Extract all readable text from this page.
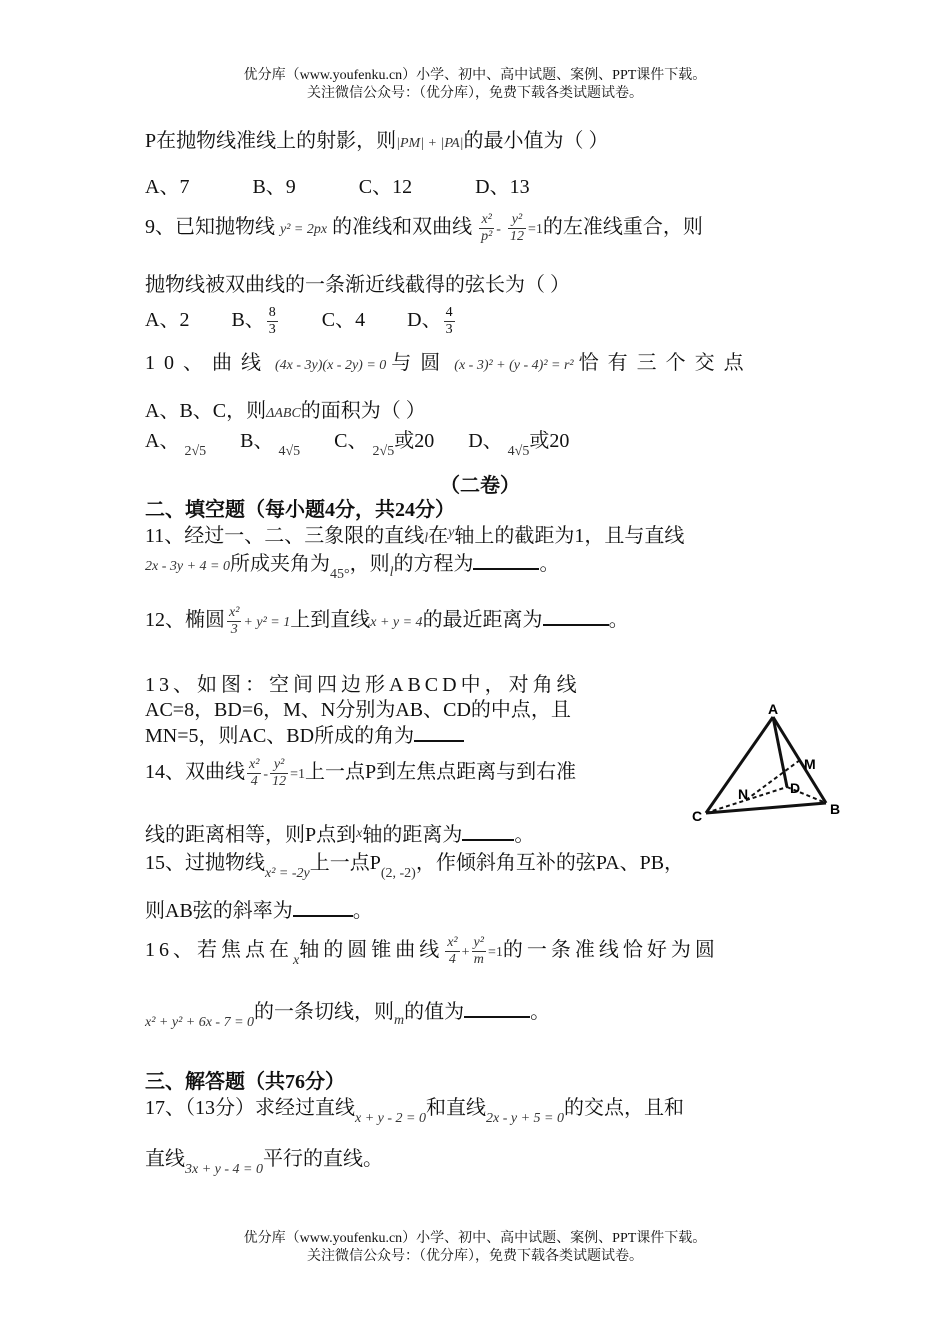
优分库（www.youfenku.cn）小学、初中、高中试题、案例、PPT课件下载。
关注微信公众号：（优分库），免费下载各类试题试卷。
P在抛物线准线上的射影，则|PM| + |PA|的最小值为（ ）
A、7       B、9       C、12       D、13
9、已知抛物线 y² = 2px 的准线和双曲线 $\frac{\text{x²}}{\text{p²}} - \frac{\text{y²}}{12} =1$的左准线重合，则
抛物线被双曲线的一条渐近线截得的弦长为（ ）
A、2 B、 $\frac{8}{3}$ C、4 D、 $\frac{4}{3}$
10、曲线 (4x - 3y)(x - 2y) = 0 与圆 (x - 3)² + (y - 4)² = r² 恰有三个交点
A、B、C，则ΔABC的面积为（ ）
A、 $_{2√5}$ B、 $_{4√5}$ C、 $_{2√5}$或20 D、 $_{4√5}$或20
（二卷）
二、填空题（每小题4分，共24分）
11、经过一、二、三象限的直线l在$^y$轴上的截距为1，且与直线
2x - 3y + 4 = 0所成夹角为$_{45^\circ}$，则$_l$的方程为	。
12、椭圆 $\frac{\text{x²}}{3} + y^2 = 1$上到直线x + y = 4的最近距离为	。
13、如图：空间四边形ABCD中，对角线
AC=8，BD=6，M、N分别为AB、CD的中点，且
MN=5，则AC、BD所成的角为
A
B
C
D
M
N
14、双曲线 $\frac{\text{x²}}{4} - \frac{\text{y²}}{12} =1$上一点P到左焦点距离与到右准
线的距离相等，则P点到$^x$轴的距离为	。
15、过抛物线$_{x^2 = -2y}$上一点$P_{(2, -2)}$，作倾斜角互补的弦PA、PB，
则AB弦的斜率为	。
16、若焦点在$_x$轴的圆锥曲线 $\frac{\text{x²}}{4} + \frac{\text{y²}}{m} =1$的一条准线恰好为圆
$_{x^2 + y^2 + 6x - 7 = 0}$的一条切线，则$_m$的值为	。
三、解答题（共76分）
17、（13分）求经过直线$_{x + y - 2 = 0}$和直线$_{2x - y + 5 = 0}$的交点，且和
直线$_{3x + y - 4 = 0}$平行的直线。
优分库（www.youfenku.cn）小学、初中、高中试题、案例、PPT课件下载。
关注微信公众号：（优分库），免费下载各类试题试卷。
